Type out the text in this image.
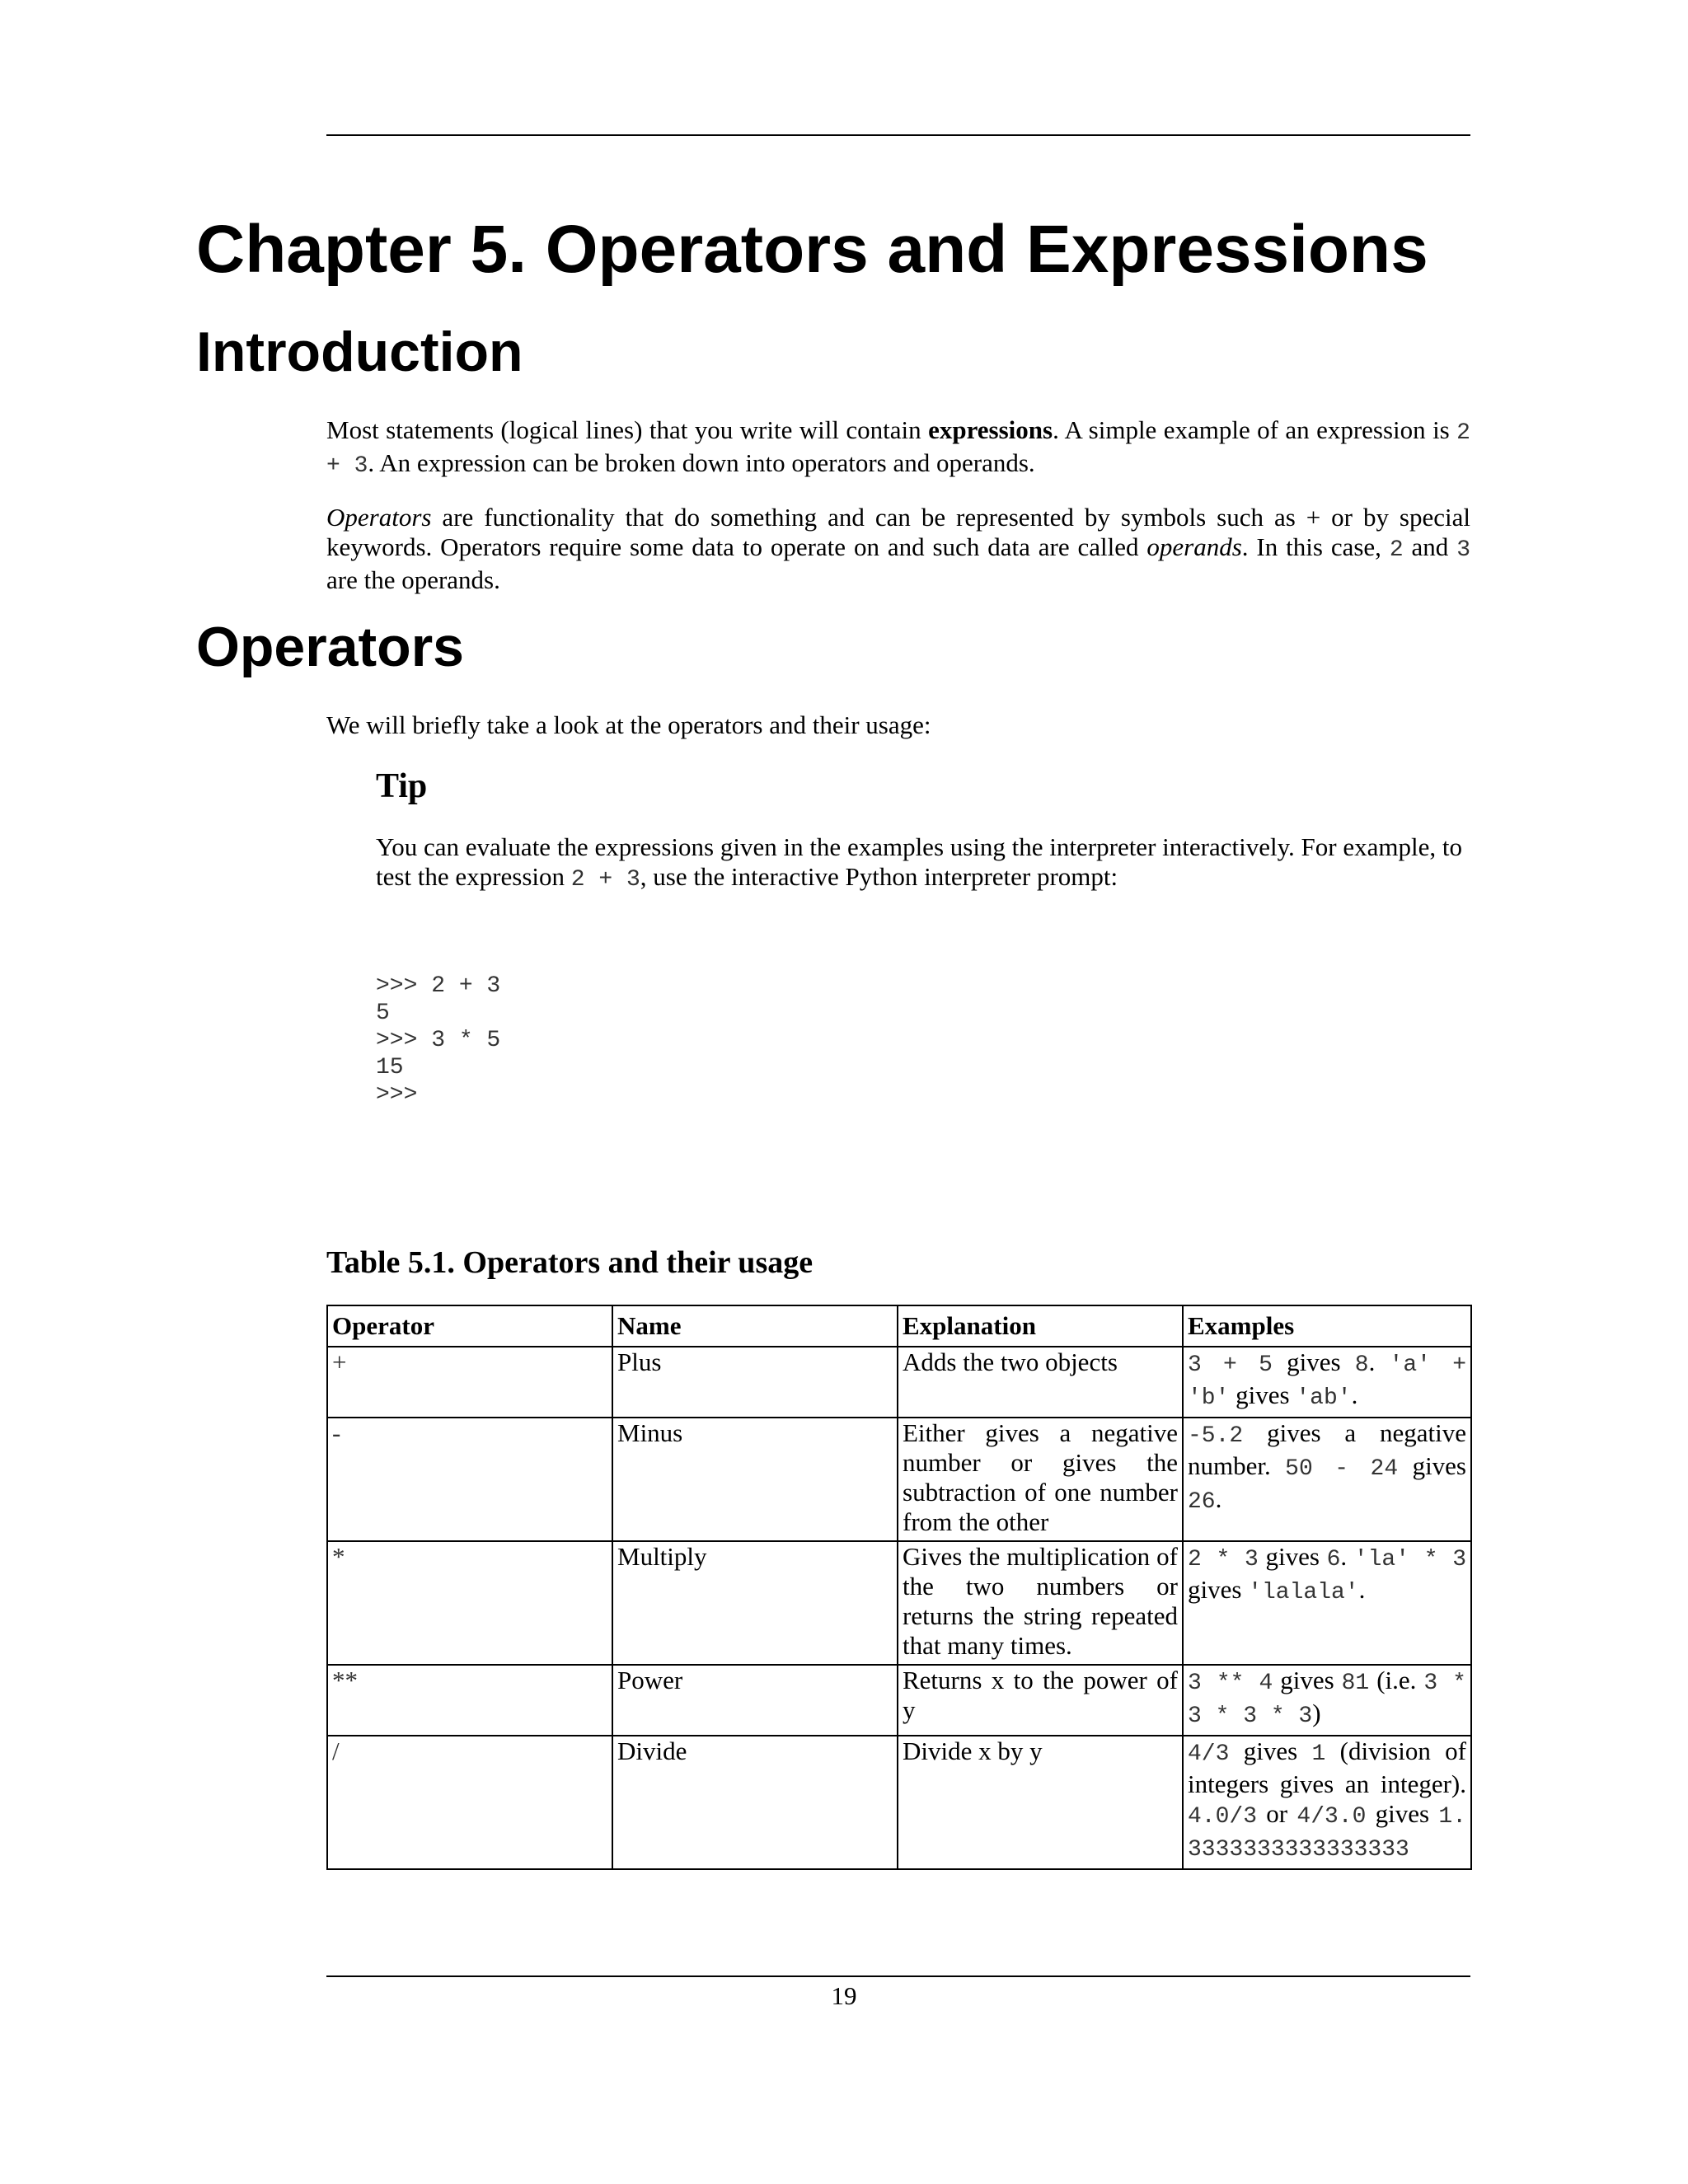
Chapter 5. Operators and Expressions
Introduction

Most statements (logical lines) that you write will contain expressions. A simple example of an expression is 2 + 3. An expression can be broken down into operators and operands.

Operators are functionality that do something and can be represented by symbols such as + or by special keywords. Operators require some data to operate on and such data are called operands. In this case, 2 and 3 are the operands.

Operators

We will briefly take a look at the operators and their usage:

Tip

You can evaluate the expressions given in the examples using the interpreter interactively. For example, to test the expression 2 + 3, use the interactive Python interpreter prompt:

>>> 2 + 3
5
>>> 3 * 5
15
>>>
Table 5.1. Operators and their usage
Operator	Name	Explanation	Examples
+	Plus	Adds the two objects	3 + 5 gives 8. 'a' + 'b' gives 'ab'.
-	Minus	Either gives a negative number or gives the subtraction of one number from the other	-5.2 gives a negative number. 50 - 24 gives 26.
*	Multiply	Gives the multiplication of the two numbers or returns the string repeated that many times.	2 * 3 gives 6. 'la' * 3 gives 'lalala'.
**	Power	Returns x to the power of y	3 ** 4 gives 81 (i.e. 3 * 3 * 3 * 3)
/	Divide	Divide x by y	4/3 gives 1 (division of integers gives an integer). 4.0/3 or 4/3.0 gives 1.3333333333333333
19
